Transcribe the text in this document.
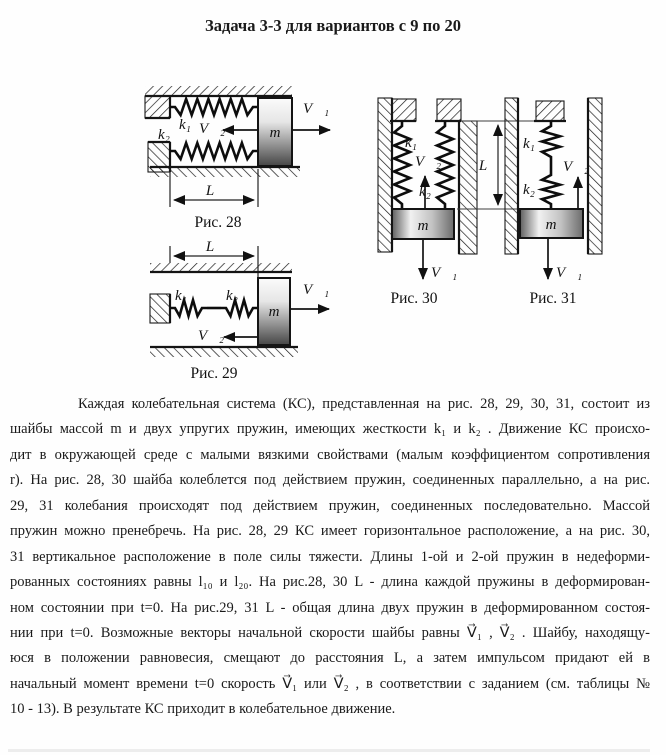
Задача 3-3 для вариантов с 9 по 20
k₁
k₂	m
V⃗₁
V⃗₂
L
Рис. 28
L
k₁	k₂
m
V⃗₁
V⃗₂
Рис. 29
k₁
k₂
V⃗₂
m
V⃗₁
Рис. 30
L
k₁
k₂
V⃗₂
m
V⃗₁
Рис. 31
Каждая колебательная система (КС), представленная на рис. 28, 29, 30, 31, состоит из
шайбы массой m и двух упругих пружин, имеющих жесткости k₁ и k₂ . Движение КС происхо-
дит в окружающей среде с малыми вязкими свойствами (малым коэффициентом сопротивления
r). На рис. 28, 30 шайба колеблется под действием пружин, соединенных параллельно, а на рис.
29, 31 колебания происходят под действием пружин, соединенных последовательно. Массой
пружин можно пренебречь. На рис. 28, 29 КС имеет горизонтальное расположение, а на рис. 30,
31 вертикальное расположение в поле силы тяжести. Длины 1-ой и 2-ой пружин в недеформи-
рованных состояниях равны l₁₀ и l₂₀. На рис.28, 30 L - длина каждой пружины в деформирован-
ном состоянии при t=0. На рис.29, 31 L - общая длина двух пружин в деформированном состоя-
нии при t=0. Возможные векторы начальной скорости шайбы равны V⃗₁ , V⃗₂ . Шайбу, находящу-
юся в положении равновесия, смещают до расстояния L, а затем импульсом придают ей в
начальный момент времени t=0 скорость V⃗₁ или V⃗₂ , в соответствии с заданием (см. таблицы №
10 - 13). В результате КС приходит в колебательное движение.
